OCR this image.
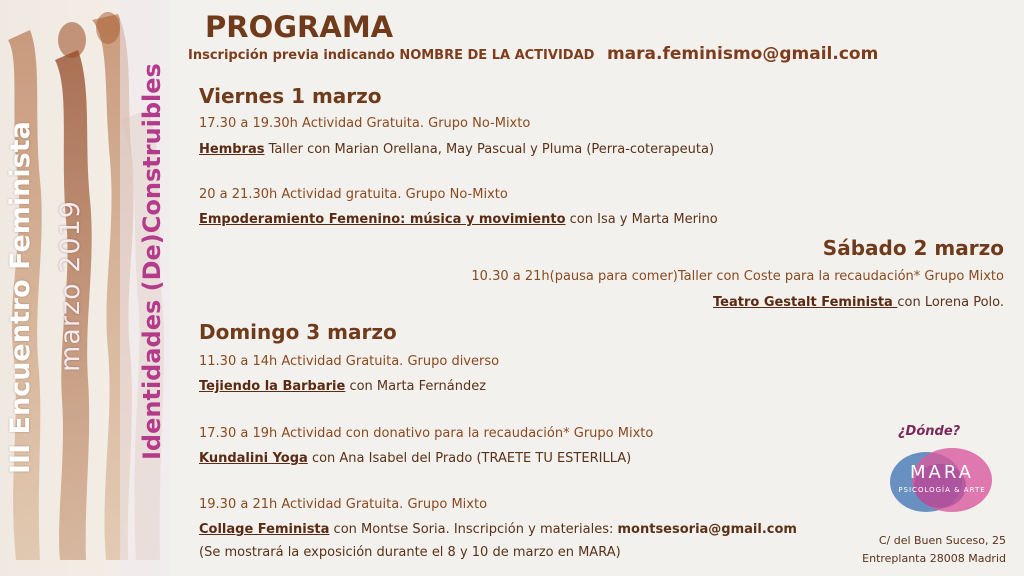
III Encuentro Feminista marzo 2019 Identidades (De)Construibles
PROGRAMA
Inscripción previa indicando NOMBRE DE LA ACTIVIDAD mara.feminismo@gmail.com
Viernes 1 marzo
17.30 a 19.30h Actividad Gratuita. Grupo No-Mixto
Hembras Taller con Marian Orellana, May Pascual y Pluma (Perra-coterapeuta)
20 a 21.30h Actividad gratuita. Grupo No-Mixto
Empoderamiento Femenino: música y movimiento con Isa y Marta Merino
Sábado 2 marzo
10.30 a 21h(pausa para comer)Taller con Coste para la recaudación* Grupo Mixto
Teatro Gestalt Feminista con Lorena Polo.
Domingo 3 marzo
11.30 a 14h Actividad Gratuita. Grupo diverso
Tejiendo la Barbarie con Marta Fernández
17.30 a 19h Actividad con donativo para la recaudación* Grupo Mixto
Kundalini Yoga con Ana Isabel del Prado (TRAETE TU ESTERILLA)
19.30 a 21h Actividad Gratuita. Grupo Mixto
Collage Feminista con Montse Soria. Inscripción y materiales: montsesoria@gmail.com
(Se mostrará la exposición durante el 8 y 10 de marzo en MARA)
¿Dónde?
MARA
PSICOLOGÍA & ARTE
C/ del Buen Suceso, 25
Entreplanta 28008 Madrid
